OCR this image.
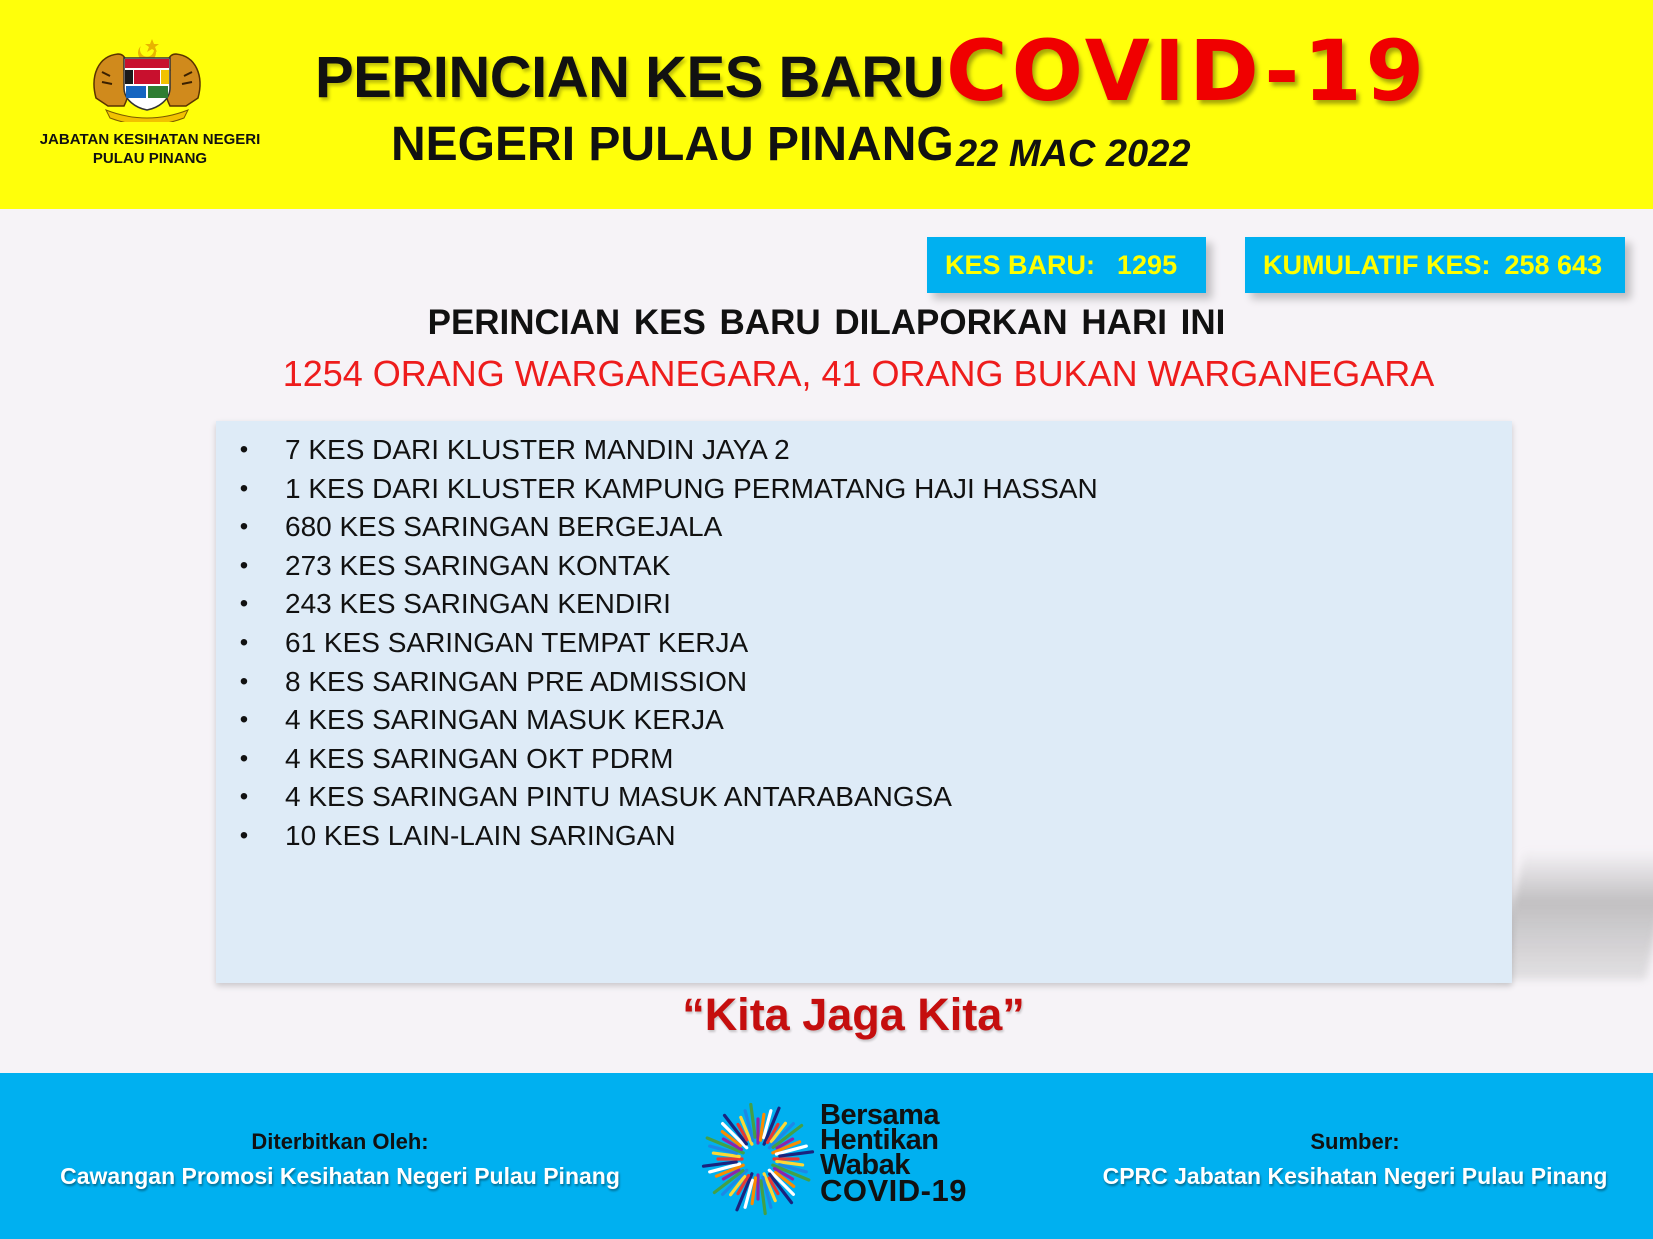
JABATAN KESIHATAN NEGERI PULAU PINANG
PERINCIAN KES BARU COVID-19
NEGERI PULAU PINANG 22 MAC 2022
KES BARU: 1295	KUMULATIF KES: 258 643
PERINCIAN KES BARU DILAPORKAN HARI INI
1254 ORANG WARGANEGARA, 41 ORANG BUKAN WARGANEGARA
• 7 KES DARI KLUSTER MANDIN JAYA 2
• 1 KES DARI KLUSTER KAMPUNG PERMATANG HAJI HASSAN
• 680 KES SARINGAN BERGEJALA
• 273 KES SARINGAN KONTAK
• 243 KES SARINGAN KENDIRI
• 61 KES SARINGAN TEMPAT KERJA
• 8 KES SARINGAN PRE ADMISSION
• 4 KES SARINGAN MASUK KERJA
• 4 KES SARINGAN OKT PDRM
• 4 KES SARINGAN PINTU MASUK ANTARABANGSA
• 10 KES LAIN-LAIN SARINGAN
“Kita Jaga Kita”
Diterbitkan Oleh:
Cawangan Promosi Kesihatan Negeri Pulau Pinang
Bersama
Hentikan
Wabak
COVID-19
Sumber:
CPRC Jabatan Kesihatan Negeri Pulau Pinang
